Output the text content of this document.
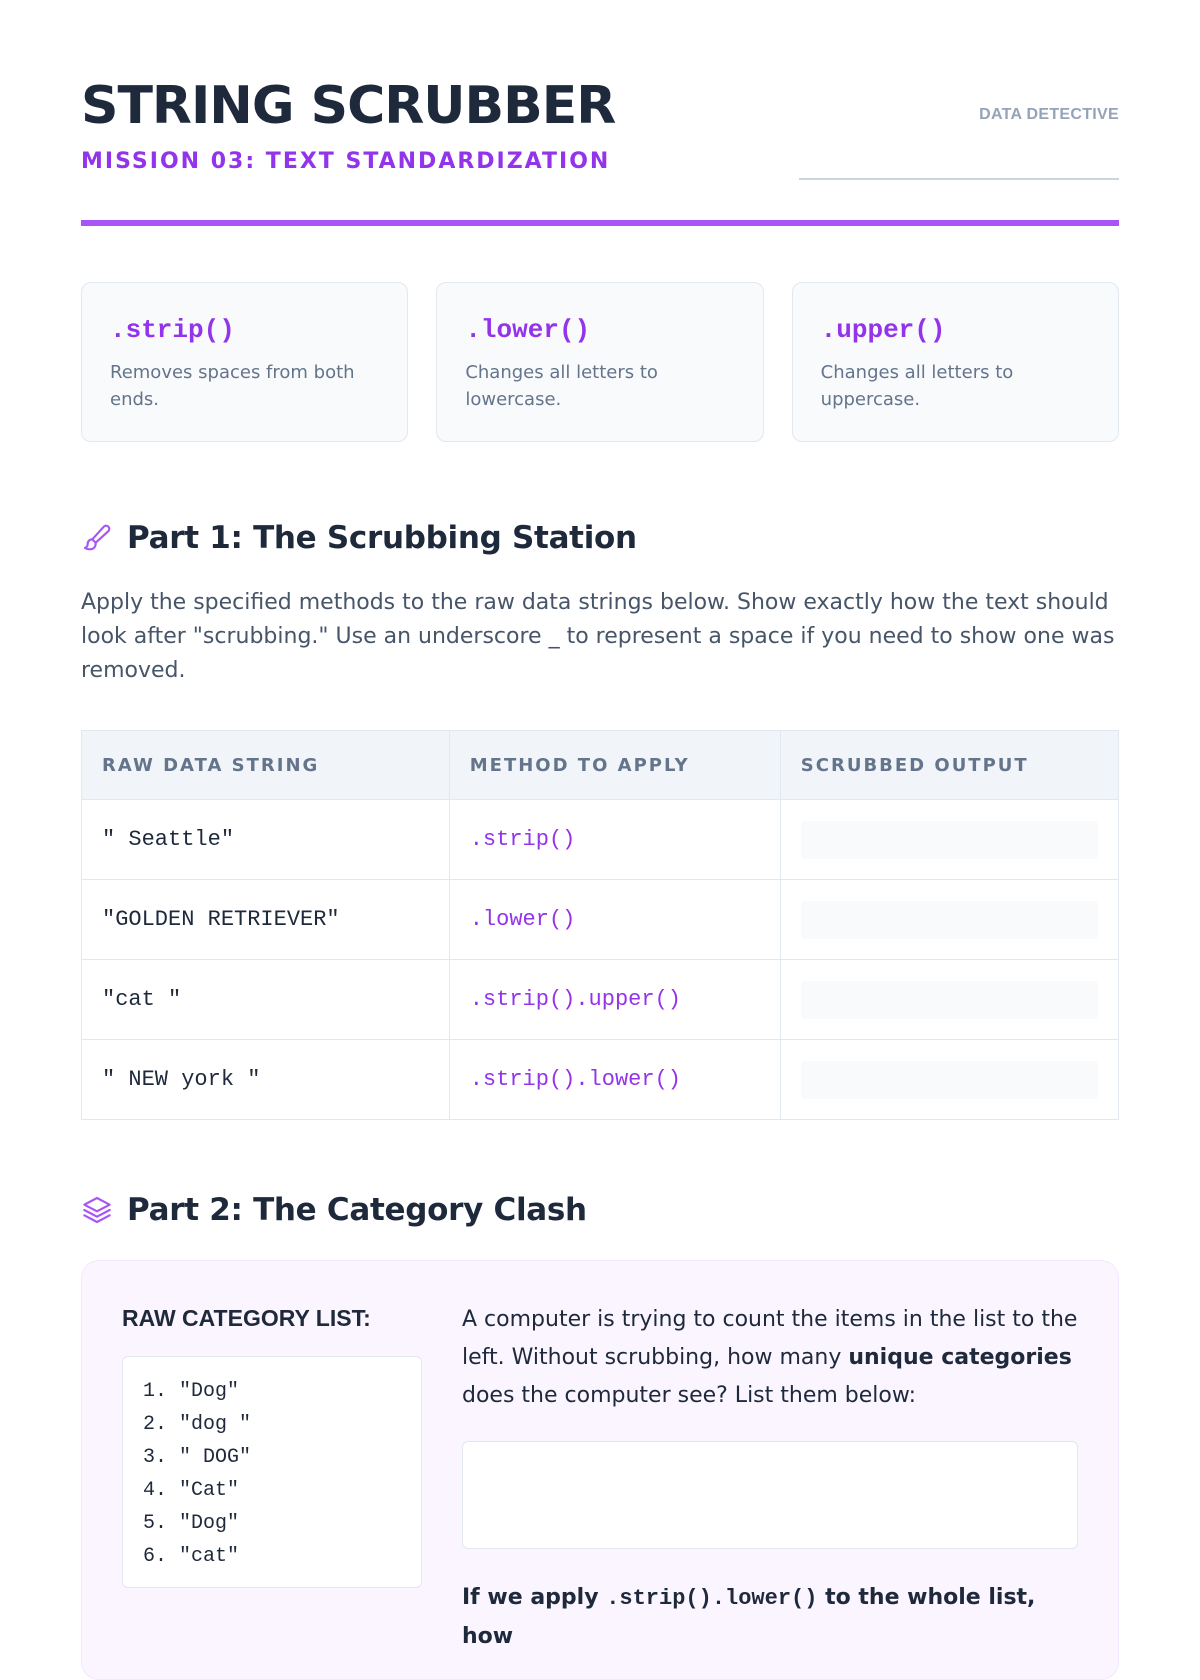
STRING SCRUBBER
MISSION 03: TEXT STANDARDIZATION
DATA DETECTIVE
.strip()
Removes spaces from both ends.
.lower()
Changes all letters to lowercase.
.upper()
Changes all letters to uppercase.
Part 1: The Scrubbing Station

Apply the specified methods to the raw data strings below. Show exactly how the text should look after "scrubbing." Use an underscore _ to represent a space if you need to show one was removed.

RAW DATA STRING	METHOD TO APPLY	SCRUBBED OUTPUT
" Seattle"	.strip()	

"GOLDEN RETRIEVER"	.lower()	

"cat "	.strip().upper()	

" NEW york "	.strip().lower()	
Part 2: The Category Clash
RAW CATEGORY LIST:
1. "Dog"
2. "dog "
3. " DOG"
4. "Cat"
5. "Dog"
6. "cat"
A computer is trying to count the items in the list to the left. Without scrubbing, how many unique categories does the computer see? List them below:
If we apply .strip().lower() to the whole list, how
